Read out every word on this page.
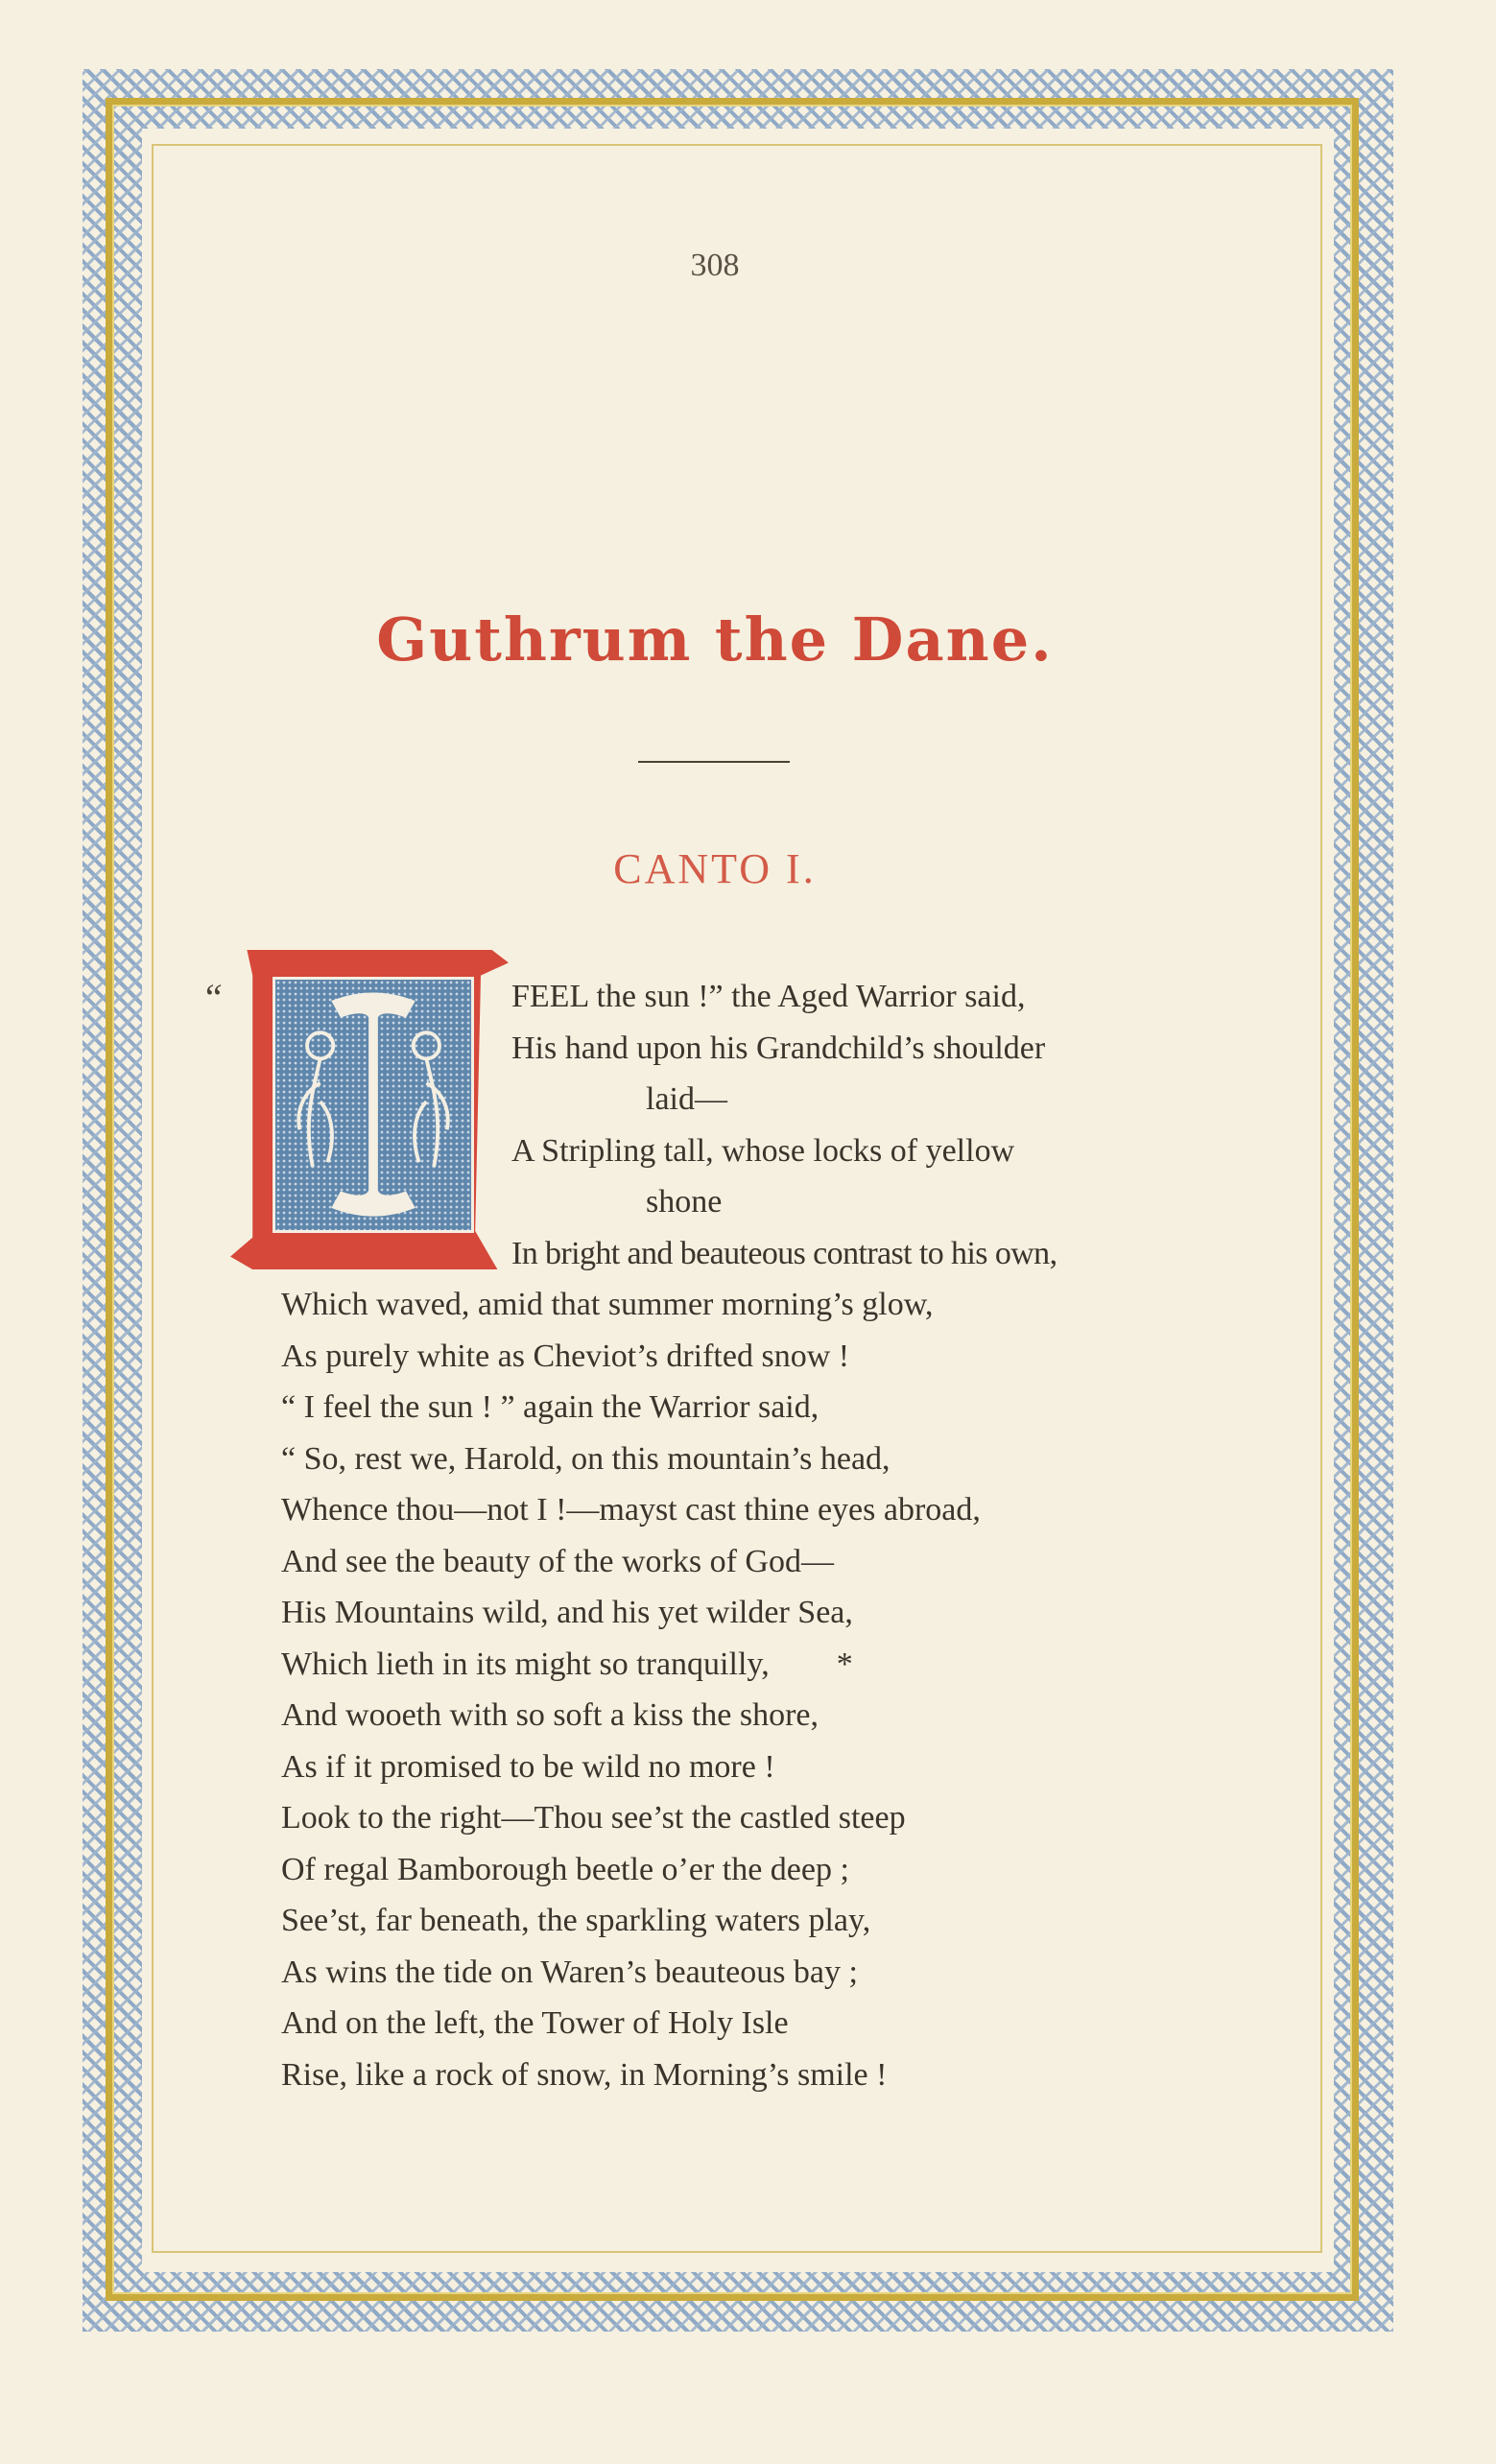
308
Guthrum the Dane.
CANTO I.
“	FEEL the sun !” the Aged Warrior said,
His hand upon his Grandchild’s shoulder
laid—
A Stripling tall, whose locks of yellow
shone
In bright and beauteous contrast to his own,
Which waved, amid that summer morning’s glow,
As purely white as Cheviot’s drifted snow !
“ I feel the sun ! ” again the Warrior said,
“ So, rest we, Harold, on this mountain’s head,
Whence thou—not I !—mayst cast thine eyes abroad,
And see the beauty of the works of God—
His Mountains wild, and his yet wilder Sea,
Which lieth in its might so tranquilly, *
And wooeth with so soft a kiss the shore,
As if it promised to be wild no more !
Look to the right—Thou see’st the castled steep
Of regal Bamborough beetle o’er the deep ;
See’st, far beneath, the sparkling waters play,
As wins the tide on Waren’s beauteous bay ;
And on the left, the Tower of Holy Isle
Rise, like a rock of snow, in Morning’s smile !
